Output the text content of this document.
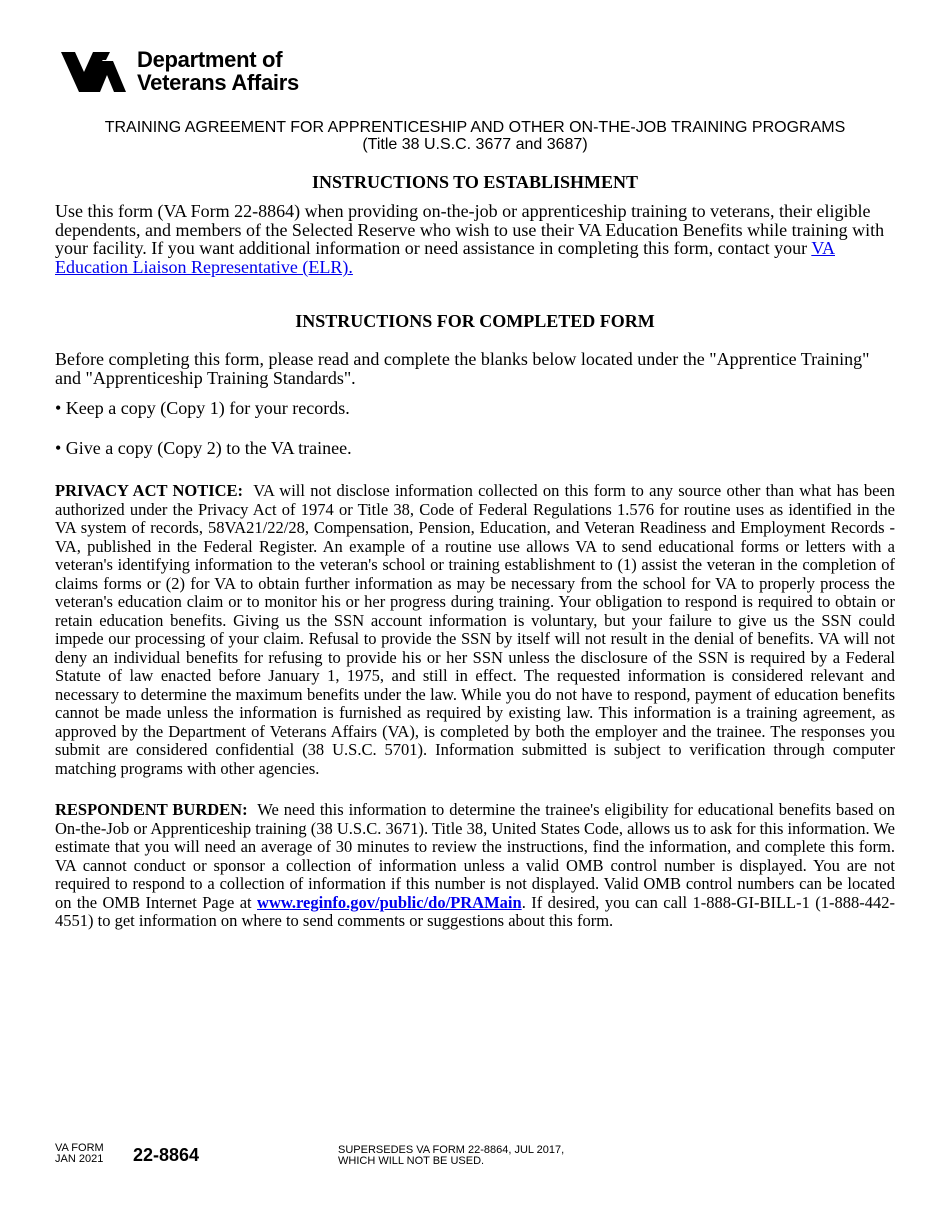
Department of
Veterans Affairs
TRAINING AGREEMENT FOR APPRENTICESHIP AND OTHER ON-THE-JOB TRAINING PROGRAMS
(Title 38 U.S.C. 3677 and 3687)
INSTRUCTIONS TO ESTABLISHMENT
Use this form (VA Form 22-8864) when providing on-the-job or apprenticeship training to veterans, their eligible dependents, and members of the Selected Reserve who wish to use their VA Education Benefits while training with your facility. If you want additional information or need assistance in completing this form, contact your VA Education Liaison Representative (ELR).
INSTRUCTIONS FOR COMPLETED FORM
Before completing this form, please read and complete the blanks below located under the "Apprentice Training" and "Apprenticeship Training Standards".
• Keep a copy (Copy 1) for your records.
• Give a copy (Copy 2) to the VA trainee.
PRIVACY ACT NOTICE: VA will not disclose information collected on this form to any source other than what has been authorized under the Privacy Act of 1974 or Title 38, Code of Federal Regulations 1.576 for routine uses as identified in the VA system of records, 58VA21/22/28, Compensation, Pension, Education, and Veteran Readiness and Employment Records - VA, published in the Federal Register. An example of a routine use allows VA to send educational forms or letters with a veteran's identifying information to the veteran's school or training establishment to (1) assist the veteran in the completion of claims forms or (2) for VA to obtain further information as may be necessary from the school for VA to properly process the veteran's education claim or to monitor his or her progress during training. Your obligation to respond is required to obtain or retain education benefits. Giving us the SSN account information is voluntary, but your failure to give us the SSN could impede our processing of your claim. Refusal to provide the SSN by itself will not result in the denial of benefits. VA will not deny an individual benefits for refusing to provide his or her SSN unless the disclosure of the SSN is required by a Federal Statute of law enacted before January 1, 1975, and still in effect. The requested information is considered relevant and necessary to determine the maximum benefits under the law. While you do not have to respond, payment of education benefits cannot be made unless the information is furnished as required by existing law. This information is a training agreement, as approved by the Department of Veterans Affairs (VA), is completed by both the employer and the trainee. The responses you submit are considered confidential (38 U.S.C. 5701). Information submitted is subject to verification through computer matching programs with other agencies.
RESPONDENT BURDEN: We need this information to determine the trainee's eligibility for educational benefits based on On-the-Job or Apprenticeship training (38 U.S.C. 3671). Title 38, United States Code, allows us to ask for this information. We estimate that you will need an average of 30 minutes to review the instructions, find the information, and complete this form. VA cannot conduct or sponsor a collection of information unless a valid OMB control number is displayed. You are not required to respond to a collection of information if this number is not displayed. Valid OMB control numbers can be located on the OMB Internet Page at www.reginfo.gov/public/do/PRAMain. If desired, you can call 1-888-GI-BILL-1 (1-888-442-4551) to get information on where to send comments or suggestions about this form.
VA FORM
JAN 2021 22-8864	SUPERSEDES VA FORM 22-8864, JUL 2017,
WHICH WILL NOT BE USED.
